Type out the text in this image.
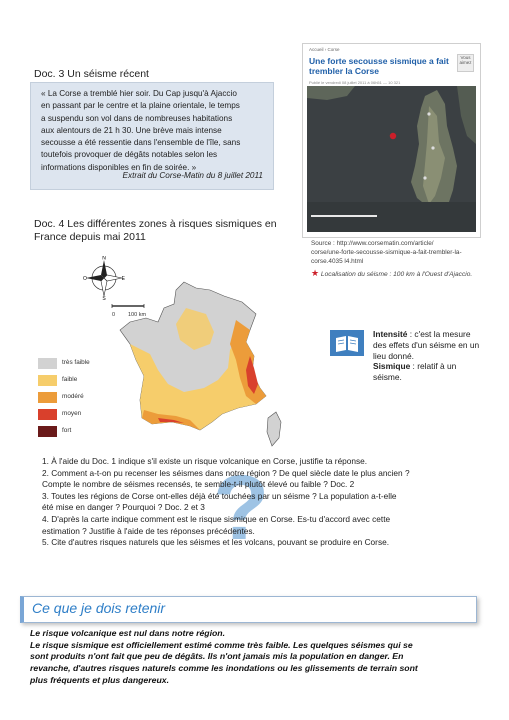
Doc. 3 Un séisme récent
« La Corse a tremblé hier soir. Du Cap jusqu'à Ajaccio
en passant par le centre et la plaine orientale, le temps
a suspendu son vol dans de nombreuses habitations
aux alentours de 21 h 30. Une brève mais intense
secousse a été ressentie dans l'ensemble de l'île, sans
toutefois provoquer de dégâts notables selon les
informations disponibles en fin de soirée. »
Extrait du Corse-Matin du 8 juillet 2011
Accueil › Corse
Une forte secousse sismique a fait trembler la Corse
Publié le vendredi 08 juillet 2011 à 06h51 — 10 321
Vous aimez
Source : http://www.corsematin.com/article/
corse/une-forte-secousse-sismique-a-fait-trembler-la-
corse.4035 l4.html
★ Localisation du séisme : 100 km à l'Ouest d'Ajaccio.
Doc. 4 Les différentes zones à risques sismiques en
France depuis mai 2011
N
S
E
O
0 100 km
très faible
faible
modéré
moyen
fort
Intensité : c'est la mesure des effets d'un séisme en un lieu donné.
Sismique : relatif à un séisme.
?
1. À l'aide du Doc. 1 indique s'il existe un risque volcanique en Corse, justifie ta réponse.
2. Comment a-t-on pu recenser les séismes dans notre région ? De quel siècle date le plus ancien ?
Compte le nombre de séismes recensés, te semble-t-il plutôt élevé ou faible ? Doc. 2
3. Toutes les régions de Corse ont-elles déjà été touchées par un séisme ? La population a-t-elle
été mise en danger ? Pourquoi ? Doc. 2 et 3
4. D'après la carte indique comment est le risque sismique en Corse. Es-tu d'accord avec cette
estimation ? Justifie à l'aide de tes réponses précédentes.
5. Cite d'autres risques naturels que les séismes et les volcans, pouvant se produire en Corse.
Ce que je dois retenir
Le risque volcanique est nul dans notre région.
Le risque sismique est officiellement estimé comme très faible. Les quelques séismes qui se
sont produits n'ont fait que peu de dégâts. Ils n'ont jamais mis la population en danger. En
revanche, d'autres risques naturels comme les inondations ou les glissements de terrain sont
plus fréquents et plus dangereux.
